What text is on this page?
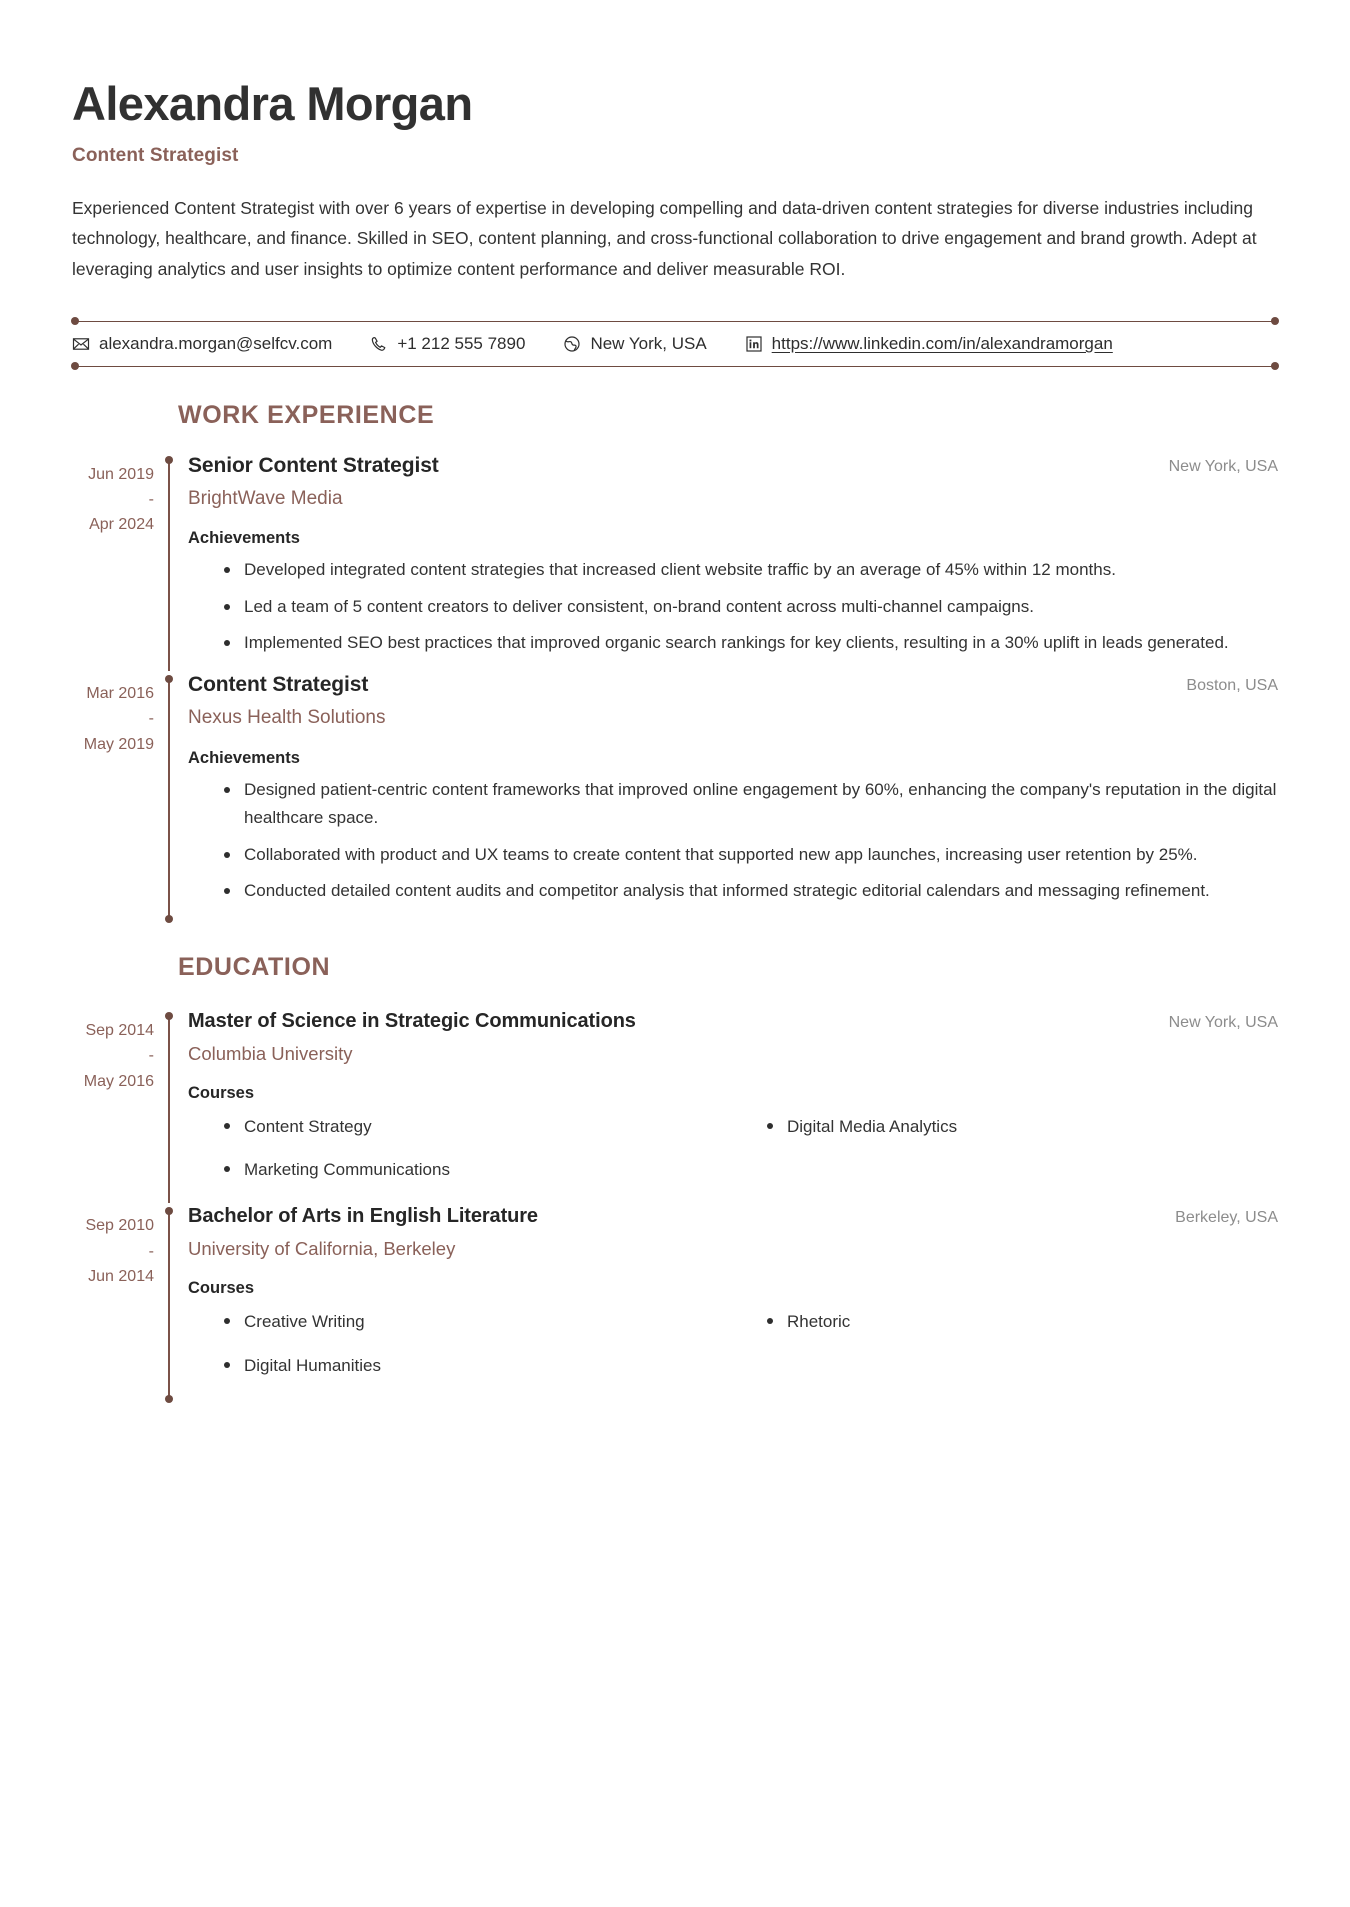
Alexandra Morgan
Content Strategist

Experienced Content Strategist with over 6 years of expertise in developing compelling and data-driven content strategies for diverse industries including technology, healthcare, and finance. Skilled in SEO, content planning, and cross-functional collaboration to drive engagement and brand growth. Adept at leveraging analytics and user insights to optimize content performance and deliver measurable ROI.

alexandra.morgan@selfcv.com	+1 212 555 7890	New York, USA	https://www.linkedin.com/in/alexandramorgan
WORK EXPERIENCE
Jun 2019
-
Apr 2024
Senior Content Strategist	New York, USA
BrightWave Media
Achievements
Developed integrated content strategies that increased client website traffic by an average of 45% within 12 months.
Led a team of 5 content creators to deliver consistent, on-brand content across multi-channel campaigns.
Implemented SEO best practices that improved organic search rankings for key clients, resulting in a 30% uplift in leads generated.
Mar 2016
-
May 2019
Content Strategist	Boston, USA
Nexus Health Solutions
Achievements
Designed patient-centric content frameworks that improved online engagement by 60%, enhancing the company's reputation in the digital healthcare space.
Collaborated with product and UX teams to create content that supported new app launches, increasing user retention by 25%.
Conducted detailed content audits and competitor analysis that informed strategic editorial calendars and messaging refinement.
EDUCATION
Sep 2014
-
May 2016
Master of Science in Strategic Communications	New York, USA
Columbia University
Courses
Content Strategy	Digital Media Analytics
Marketing Communications
Sep 2010
-
Jun 2014
Bachelor of Arts in English Literature	Berkeley, USA
University of California, Berkeley
Courses
Creative Writing	Rhetoric
Digital Humanities
